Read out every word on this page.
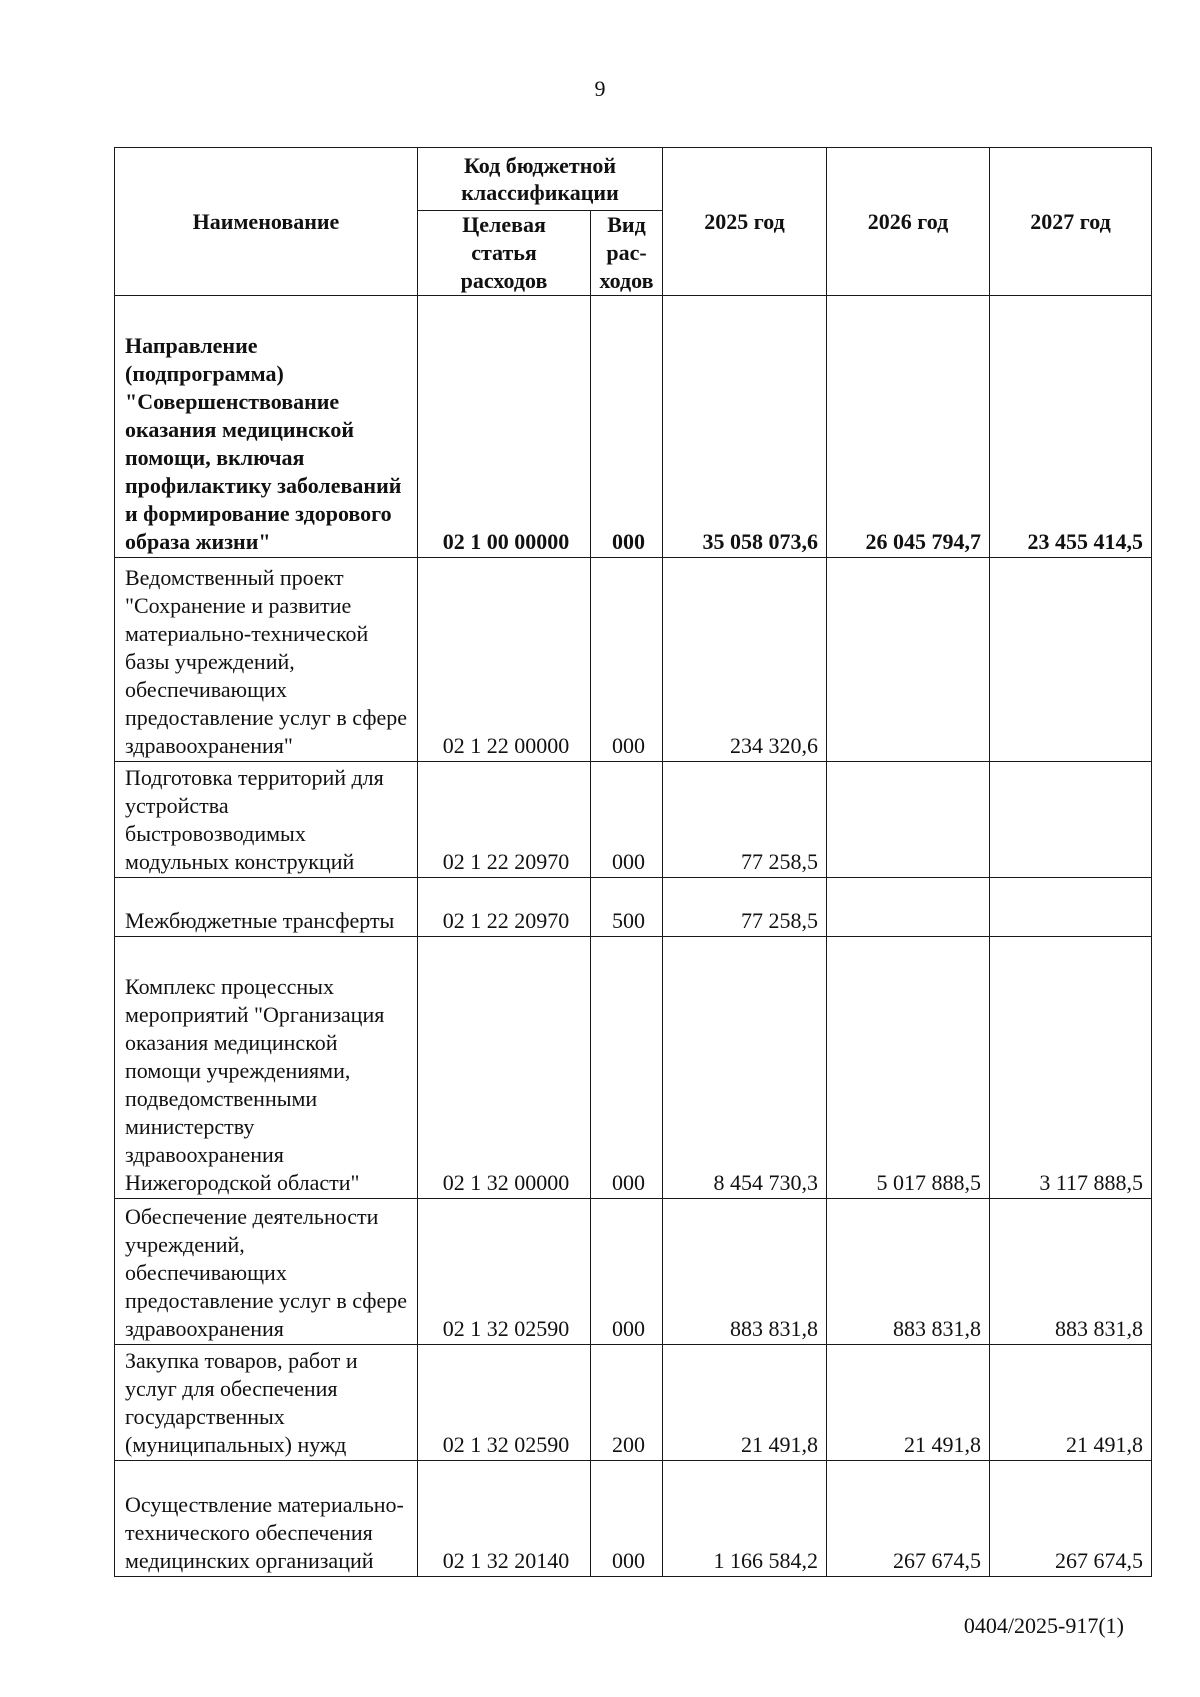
9
Наименование	Код бюджетной классификации		2025 год	2026 год	2027 год
	Целевая статья расходов	Вид рас-ходов			
Направление (подпрограмма) "Совершенствование оказания медицинской помощи, включая профилактику заболеваний и формирование здорового образа жизни"	02 1 00 00000	000	35 058 073,6	26 045 794,7	23 455 414,5
Ведомственный проект "Сохранение и развитие материально-технической базы учреждений, обеспечивающих предоставление услуг в сфере здравоохранения"	02 1 22 00000	000	234 320,6		
Подготовка территорий для устройства быстровозводимых модульных конструкций	02 1 22 20970	000	77 258,5		
Межбюджетные трансферты	02 1 22 20970	500	77 258,5		
Комплекс процессных мероприятий "Организация оказания медицинской помощи учреждениями, подведомственными министерству здравоохранения Нижегородской области"	02 1 32 00000	000	8 454 730,3	5 017 888,5	3 117 888,5
Обеспечение деятельности учреждений, обеспечивающих предоставление услуг в сфере здравоохранения	02 1 32 02590	000	883 831,8	883 831,8	883 831,8
Закупка товаров, работ и услуг для обеспечения государственных (муниципальных) нужд	02 1 32 02590	200	21 491,8	21 491,8	21 491,8
Осуществление материально-технического обеспечения медицинских организаций	02 1 32 20140	000	1 166 584,2	267 674,5	267 674,5
0404/2025-917(1)
